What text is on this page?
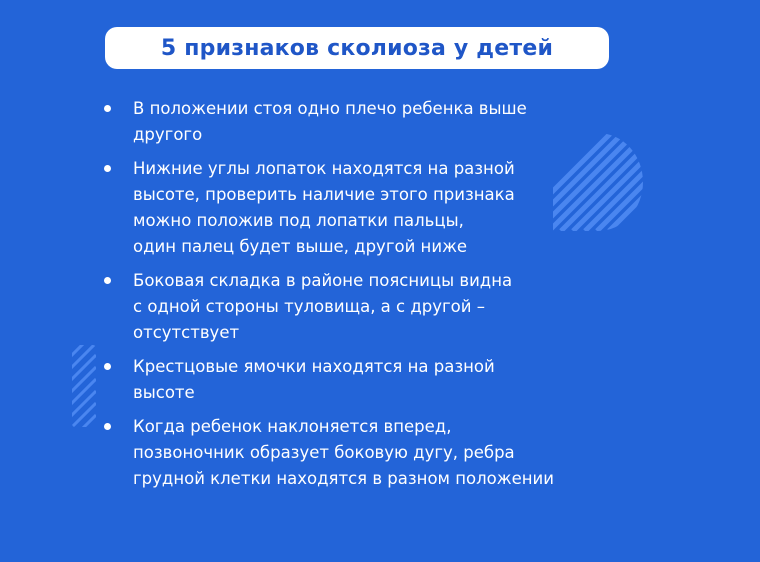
5 признаков сколиоза у детей
В положении стоя одно плечо ребенка выше
другого
Нижние углы лопаток находятся на разной
высоте, проверить наличие этого признака
можно положив под лопатки пальцы,
один палец будет выше, другой ниже
Боковая складка в районе поясницы видна
с одной стороны туловища, а с другой –
отсутствует
Крестцовые ямочки находятся на разной
высоте
Когда ребенок наклоняется вперед,
позвоночник образует боковую дугу, ребра
грудной клетки находятся в разном положении
